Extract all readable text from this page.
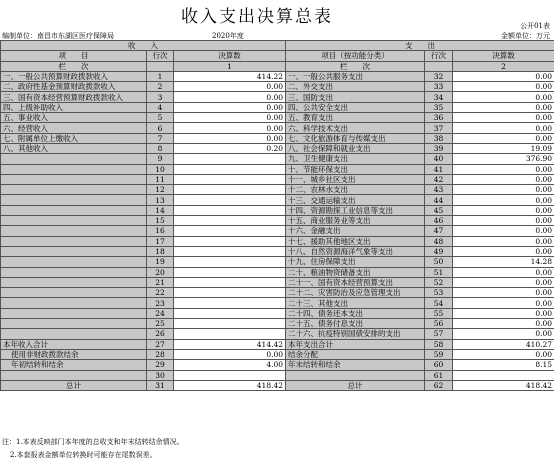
收入支出决算总表	公开01表
编制单位：南昌市东湖区医疗保障局	2020年度	金额单位：万元
收　　入			支　　出		
项　　目	行次	决算数	项目（按功能分类）	行次	决算数
栏　　次		1	栏　　次		2
一、一般公共预算财政拨款收入	1	414.22	一、一般公共服务支出	32	0.00
二、政府性基金预算财政拨款收入	2	0.00	二、外交支出	33	0.00
三、国有资本经营预算财政拨款收入	3	0.00	三、国防支出	34	0.00
四、上级补助收入	4	0.00	四、公共安全支出	35	0.00
五、事业收入	5	0.00	五、教育支出	36	0.00
六、经营收入	6	0.00	六、科学技术支出	37	0.00
七、附属单位上缴收入	7	0.00	七、文化旅游体育与传媒支出	38	0.00
八、其他收入	8	0.20	八、社会保障和就业支出	39	19.09
	9		九、卫生健康支出	40	376.90
	10		十、节能环保支出	41	0.00
	11		十一、城乡社区支出	42	0.00
	12		十二、农林水支出	43	0.00
	13		十三、交通运输支出	44	0.00
	14		十四、资源勘探工业信息等支出	45	0.00
	15		十五、商业服务业等支出	46	0.00
	16		十六、金融支出	47	0.00
	17		十七、援助其他地区支出	48	0.00
	18		十八、自然资源海洋气象等支出	49	0.00
	19		十九、住房保障支出	50	14.28
	20		二十、粮油物资储备支出	51	0.00
	21		二十一、国有资本经营预算支出	52	0.00
	22		二十二、灾害防治及应急管理支出	53	0.00
	23		二十三、其他支出	54	0.00
	24		二十四、债务还本支出	55	0.00
	25		二十五、债务付息支出	56	0.00
	26		二十六、抗疫特别国债安排的支出	57	0.00
本年收入合计	27	414.42	本年支出合计	58	410.27
使用非财政拨款结余	28	0.00	结余分配	59	0.00
年初结转和结余	29	4.00	年末结转和结余	60	8.15
	30			61	
总计	31	418.42	总计	62	418.42
注：1.本表反映部门本年度的总收支和年末结转结余情况。
2.本套报表金额单位转换时可能存在尾数误差。
